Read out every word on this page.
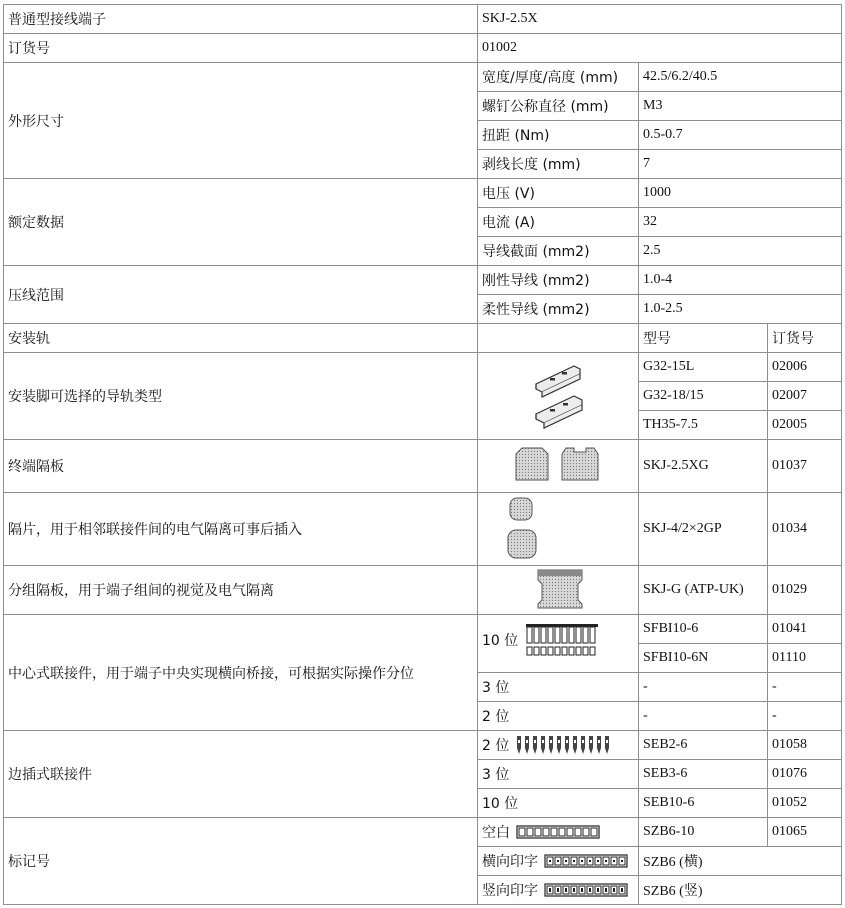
普通型接线端子	SKJ-2.5X		
订货号	01002		
外形尺寸	宽度/厚度/高度 (mm)	42.5/6.2/40.5	
	螺钉公称直径 (mm)	M3	
	扭距 (Nm)	0.5-0.7	
	剥线长度 (mm)	7	
额定数据	电压 (V)	1000	
	电流 (A)	32	
	导线截面 (mm2)	2.5	
压线范围	刚性导线 (mm2)	1.0-4	
	柔性导线 (mm2)	1.0-2.5	
安装轨		型号	订货号
安装脚可选择的导轨类型		G32-15L	02006
		G32-18/15	02007
		TH35-7.5	02005
终端隔板		SKJ-2.5XG	01037
隔片，用于相邻联接件间的电气隔离可事后插入		SKJ-4/2×2GP	01034
分组隔板，用于端子组间的视觉及电气隔离		SKJ-G (ATP-UK)	01029
中心式联接件，用于端子中央实现横向桥接，可根据实际操作分位	10 位	SFBI10-6	01041
		SFBI10-6N	01110
	3 位	-	-
	2 位	-	-
边插式联接件	2 位	SEB2-6	01058
	3 位	SEB3-6	01076
	10 位	SEB10-6	01052
标记号	空白	SZB6-10	01065

	横向印字	SZB6 (横)	

	竖向印字	SZB6 (竖)	
